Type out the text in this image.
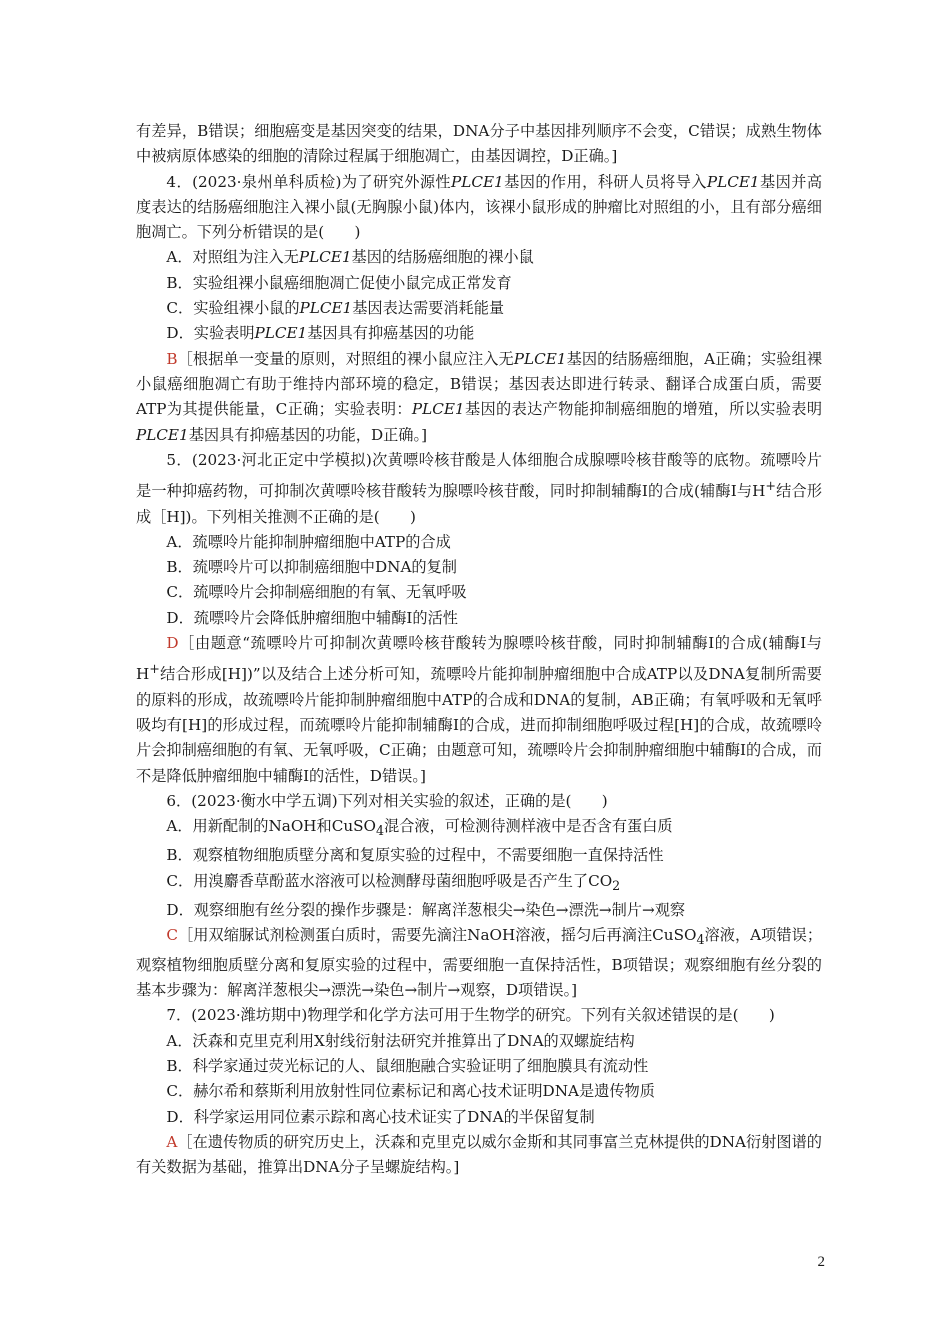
有差异，B错误；细胞癌变是基因突变的结果，DNA分子中基因排列顺序不会变，C错误；成熟生物体中被病原体感染的细胞的清除过程属于细胞凋亡，由基因调控，D正确。]

4．(2023·泉州单科质检)为了研究外源性PLCE1基因的作用，科研人员将导入PLCE1基因并高度表达的结肠癌细胞注入裸小鼠(无胸腺小鼠)体内，该裸小鼠形成的肿瘤比对照组的小，且有部分癌细胞凋亡。下列分析错误的是(　　)

A．对照组为注入无PLCE1基因的结肠癌细胞的裸小鼠

B．实验组裸小鼠癌细胞凋亡促使小鼠完成正常发育

C．实验组裸小鼠的PLCE1基因表达需要消耗能量

D．实验表明PLCE1基因具有抑癌基因的功能

B［根据单一变量的原则，对照组的裸小鼠应注入无PLCE1基因的结肠癌细胞，A正确；实验组裸小鼠癌细胞凋亡有助于维持内部环境的稳定，B错误；基因表达即进行转录、翻译合成蛋白质，需要ATP为其提供能量，C正确；实验表明：PLCE1基因的表达产物能抑制癌细胞的增殖，所以实验表明PLCE1基因具有抑癌基因的功能，D正确。]

5．(2023·河北正定中学模拟)次黄嘌呤核苷酸是人体细胞合成腺嘌呤核苷酸等的底物。巯嘌呤片是一种抑癌药物，可抑制次黄嘌呤核苷酸转为腺嘌呤核苷酸，同时抑制辅酶Ⅰ的合成(辅酶Ⅰ与H+结合形成［H])。下列相关推测不正确的是(　　)

A．巯嘌呤片能抑制肿瘤细胞中ATP的合成

B．巯嘌呤片可以抑制癌细胞中DNA的复制

C．巯嘌呤片会抑制癌细胞的有氧、无氧呼吸

D．巯嘌呤片会降低肿瘤细胞中辅酶Ⅰ的活性

D［由题意“巯嘌呤片可抑制次黄嘌呤核苷酸转为腺嘌呤核苷酸，同时抑制辅酶Ⅰ的合成(辅酶Ⅰ与H+结合形成[H])”以及结合上述分析可知，巯嘌呤片能抑制肿瘤细胞中合成ATP以及DNA复制所需要的原料的形成，故巯嘌呤片能抑制肿瘤细胞中ATP的合成和DNA的复制，AB正确；有氧呼吸和无氧呼吸均有[H]的形成过程，而巯嘌呤片能抑制辅酶Ⅰ的合成，进而抑制细胞呼吸过程[H]的合成，故巯嘌呤片会抑制癌细胞的有氧、无氧呼吸，C正确；由题意可知，巯嘌呤片会抑制肿瘤细胞中辅酶Ⅰ的合成，而不是降低肿瘤细胞中辅酶Ⅰ的活性，D错误。]

6．(2023·衡水中学五调)下列对相关实验的叙述，正确的是(　　)

A．用新配制的NaOH和CuSO$_4$混合液，可检测待测样液中是否含有蛋白质

B．观察植物细胞质壁分离和复原实验的过程中，不需要细胞一直保持活性

C．用溴麝香草酚蓝水溶液可以检测酵母菌细胞呼吸是否产生了$CO_2$

D．观察细胞有丝分裂的操作步骤是：解离洋葱根尖→染色→漂洗→制片→观察

C［用双缩脲试剂检测蛋白质时，需要先滴注NaOH溶液，摇匀后再滴注CuSO$_4$溶液，A项错误；观察植物细胞质壁分离和复原实验的过程中，需要细胞一直保持活性，B项错误；观察细胞有丝分裂的基本步骤为：解离洋葱根尖→漂洗→染色→制片→观察，D项错误。]

7．(2023·潍坊期中)物理学和化学方法可用于生物学的研究。下列有关叙述错误的是(　　)

A．沃森和克里克利用X射线衍射法研究并推算出了DNA的双螺旋结构

B．科学家通过荧光标记的人、鼠细胞融合实验证明了细胞膜具有流动性

C．赫尔希和蔡斯利用放射性同位素标记和离心技术证明DNA是遗传物质

D．科学家运用同位素示踪和离心技术证实了DNA的半保留复制

A［在遗传物质的研究历史上，沃森和克里克以威尔金斯和其同事富兰克林提供的DNA衍射图谱的有关数据为基础，推算出DNA分子呈螺旋结构。]

2
